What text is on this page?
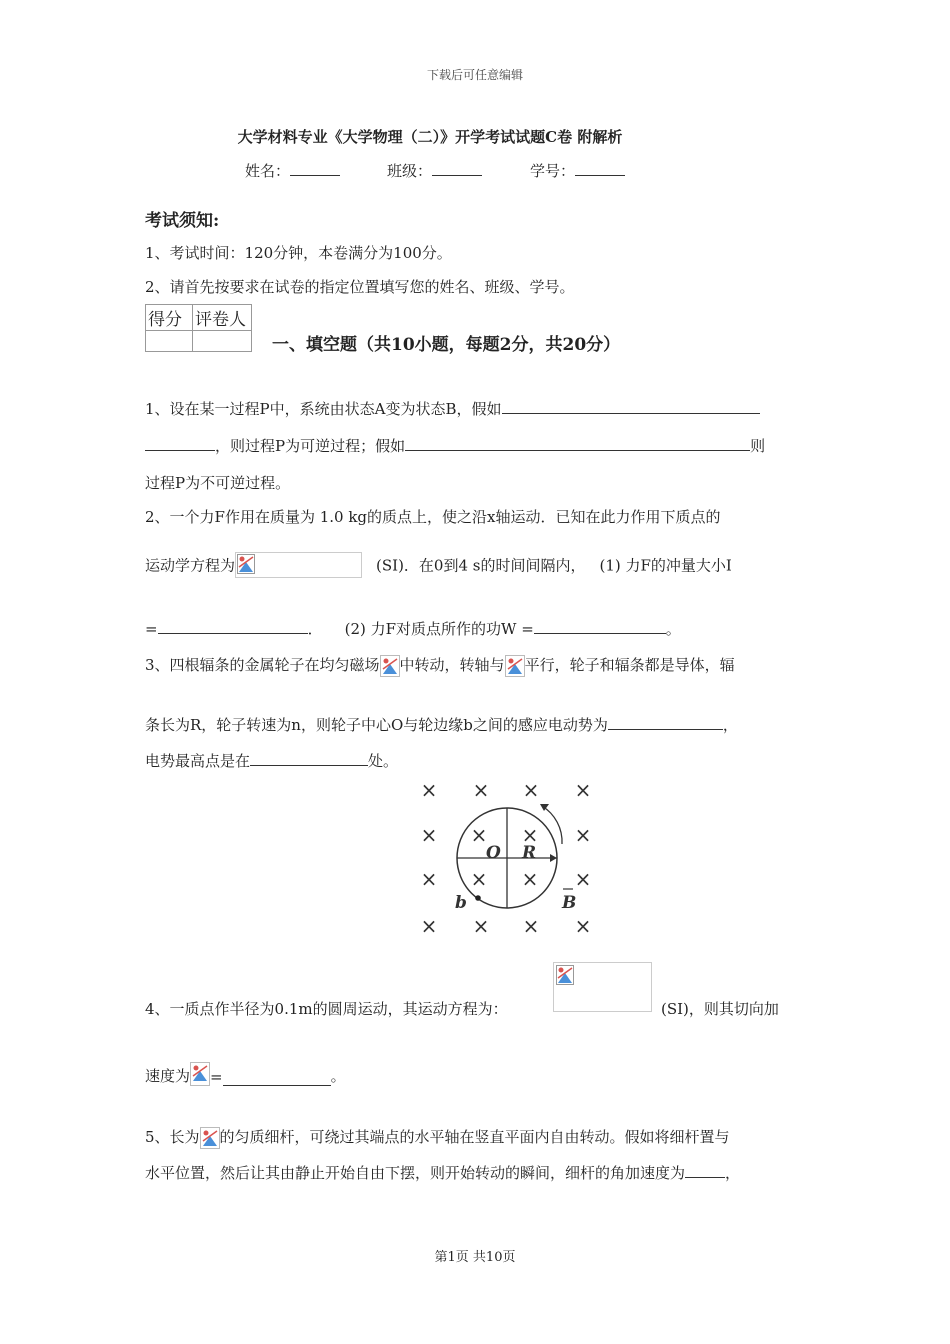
下载后可任意编辑
大学材料专业《大学物理（二）》开学考试试题C卷 附解析
姓名：	班级：	学号：
考试须知:
1、考试时间：120分钟，本卷满分为100分。
2、请首先按要求在试卷的指定位置填写您的姓名、班级、学号。
得分	评卷人

一、填空题（共10小题，每题2分，共20分）
1、设在某一过程P中，系统由状态A变为状态B，假如
，则过程P为可逆过程；假如	则
过程P为不可逆过程。
2、一个力F作用在质量为 1.0 kg的质点上，使之沿x轴运动．已知在此力作用下质点的
运动学方程为	(SI)．在0到4 s的时间间隔内， (1) 力F的冲量大小I
=	． (2) 力F对质点所作的功W =	。
3、四根辐条的金属轮子在均匀磁场 中转动，转轴与 平行，轮子和辐条都是导体，辐
条长为R，轮子转速为n，则轮子中心O与轮边缘b之间的感应电动势为	，
电势最高点是在	处。
× × × ×
×	×
×	×
× × × ×
× ×
× ×
O R
b	B
4、一质点作半径为0.1m的圆周运动，其运动方程为：	(SI)，则其切向加
速度为 =	。
5、长为 的匀质细杆，可绕过其端点的水平轴在竖直平面内自由转动。假如将细杆置与
水平位置，然后让其由静止开始自由下摆，则开始转动的瞬间，细杆的角加速度为	，
第1页 共10页
